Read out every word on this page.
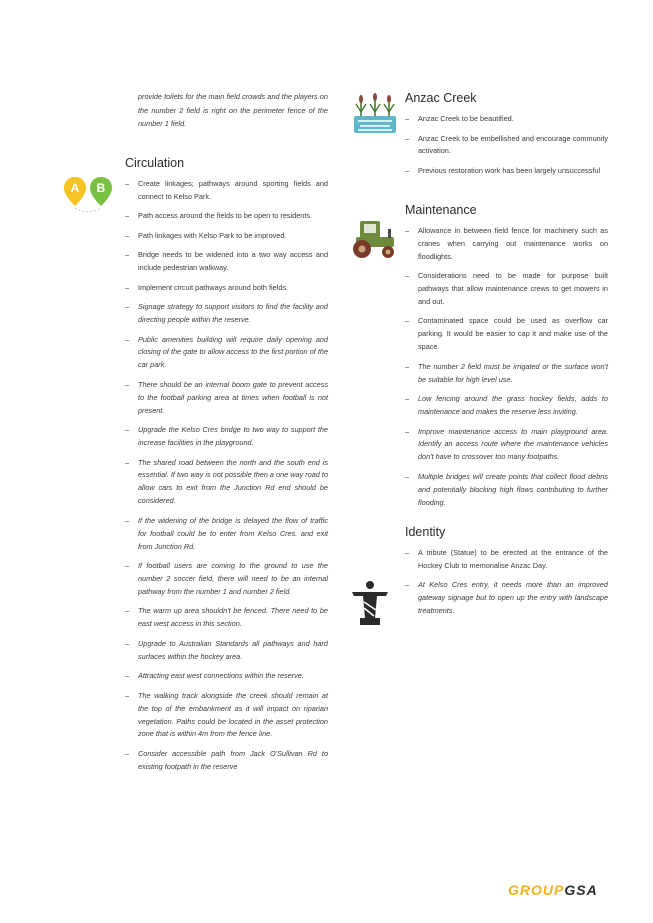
provide toilets for the main field crowds and the players on the number 2 field is right on the perimeter fence of the number 1 field.

Circulation
– Create linkages; pathways around sporting fields and connect to Kelso Park.
– Path access around the fields to be open to residents.
– Path linkages with Kelso Park to be improved.
– Bridge needs to be widened into a two way access and include pedestrian walkway.
– Implement circuit pathways around both fields.
– Signage strategy to support visitors to find the facility and directing people within the reserve.
– Public amenities building will require daily opening and closing of the gate to allow access to the first portion of the car park.
– There should be an internal boom gate to prevent access to the football parking area at times when football is not present.
– Upgrade the Kelso Cres bridge to two way to support the increase facilities in the playground.
– The shared road between the north and the south end is essential. If two way is not possible then a one way road to allow cars to exit from the Junction Rd end should be considered.
– If the widening of the bridge is delayed the flow of traffic for football could be to enter from Kelso Cres. and exit from Junction Rd.
– If football users are coming to the ground to use the number 2 soccer field, there will need to be an internal pathway from the number 1 and number 2 field.
– The warm up area shouldn't be fenced. There need to be east west access in this section.
– Upgrade to Australian Standards all pathways and hard surfaces within the hockey area.
– Attracting east west connections within the reserve.
– The walking track alongside the creek should remain at the top of the embankment as it will impact on riparian vegetation. Paths could be located in the asset protection zone that is within 4m from the fence line.
– Consider accessible path from Jack O'Sullivan Rd to existing footpath in the reserve
A B
Anzac Creek
– Anzac Creek to be beautified.
– Anzac Creek to be embellished and encourage community activation.
– Previous restoration work has been largely unsuccessful
Maintenance
– Allowance in between field fence for machinery such as cranes when carrying out maintenance works on floodlights.
– Considerations need to be made for purpose built pathways that allow maintenance crews to get mowers in and out.
– Contaminated space could be used as overflow car parking. It would be easier to cap it and make use of the space.
– The number 2 field must be irrigated or the surface won't be suitable for high level use.
– Low fencing around the grass hockey fields, adds to maintenance and makes the reserve less inviting.
– Improve maintenance access to main playground area. Identify an access route where the maintenance vehicles don't have to crossover too many footpaths.
– Multiple bridges will create points that collect flood debris and potentially blocking high flows contributing to further flooding.
Identity
– A tribute (Statue) to be erected at the entrance of the Hockey Club to memorialise Anzac Day.
– At Kelso Cres entry, it needs more than an improved gateway signage but to open up the entry with landscape treatments.
GROUPGSA
